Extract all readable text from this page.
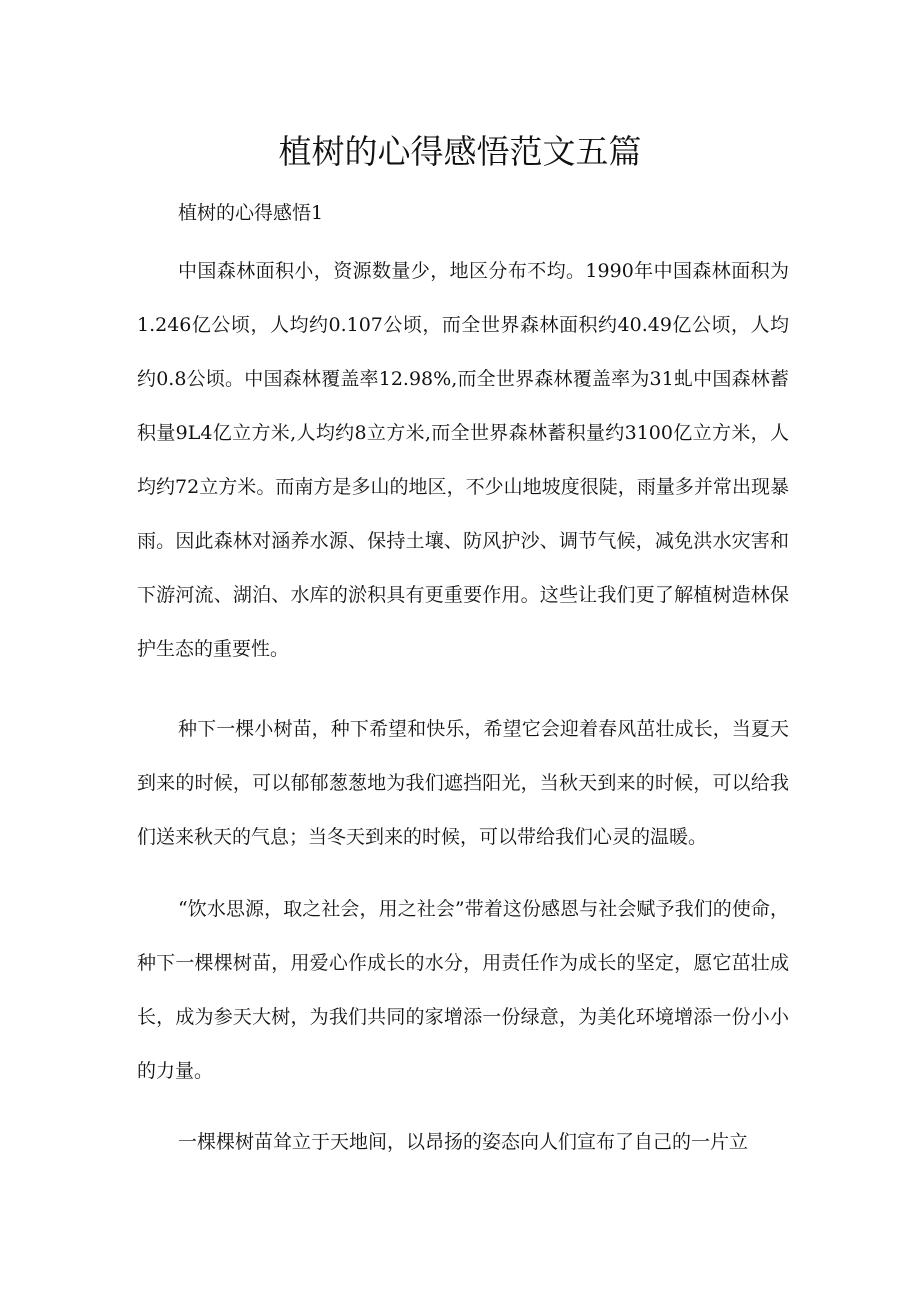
植树的心得感悟范文五篇

植树的心得感悟1

中国森林面积小，资源数量少，地区分布不均。1990年中国森林面积为1.246亿公顷，人均约0.107公顷，而全世界森林面积约40.49亿公顷，人均约0.8公顷。中国森林覆盖率12.98%,而全世界森林覆盖率为31虬中国森林蓄积量9L4亿立方米,人均约8立方米,而全世界森林蓄积量约3100亿立方米，人均约72立方米。而南方是多山的地区，不少山地坡度很陡，雨量多并常出现暴雨。因此森林对涵养水源、保持土壤、防风护沙、调节气候，减免洪水灾害和下游河流、湖泊、水库的淤积具有更重要作用。这些让我们更了解植树造林保护生态的重要性。

种下一棵小树苗，种下希望和快乐，希望它会迎着春风茁壮成长，当夏天到来的时候，可以郁郁葱葱地为我们遮挡阳光，当秋天到来的时候，可以给我们送来秋天的气息；当冬天到来的时候，可以带给我们心灵的温暖。

“饮水思源，取之社会，用之社会”带着这份感恩与社会赋予我们的使命，种下一棵棵树苗，用爱心作成长的水分，用责任作为成长的坚定，愿它茁壮成长，成为参天大树，为我们共同的家增添一份绿意，为美化环境增添一份小小的力量。

一棵棵树苗耸立于天地间，以昂扬的姿态向人们宣布了自己的一片立
